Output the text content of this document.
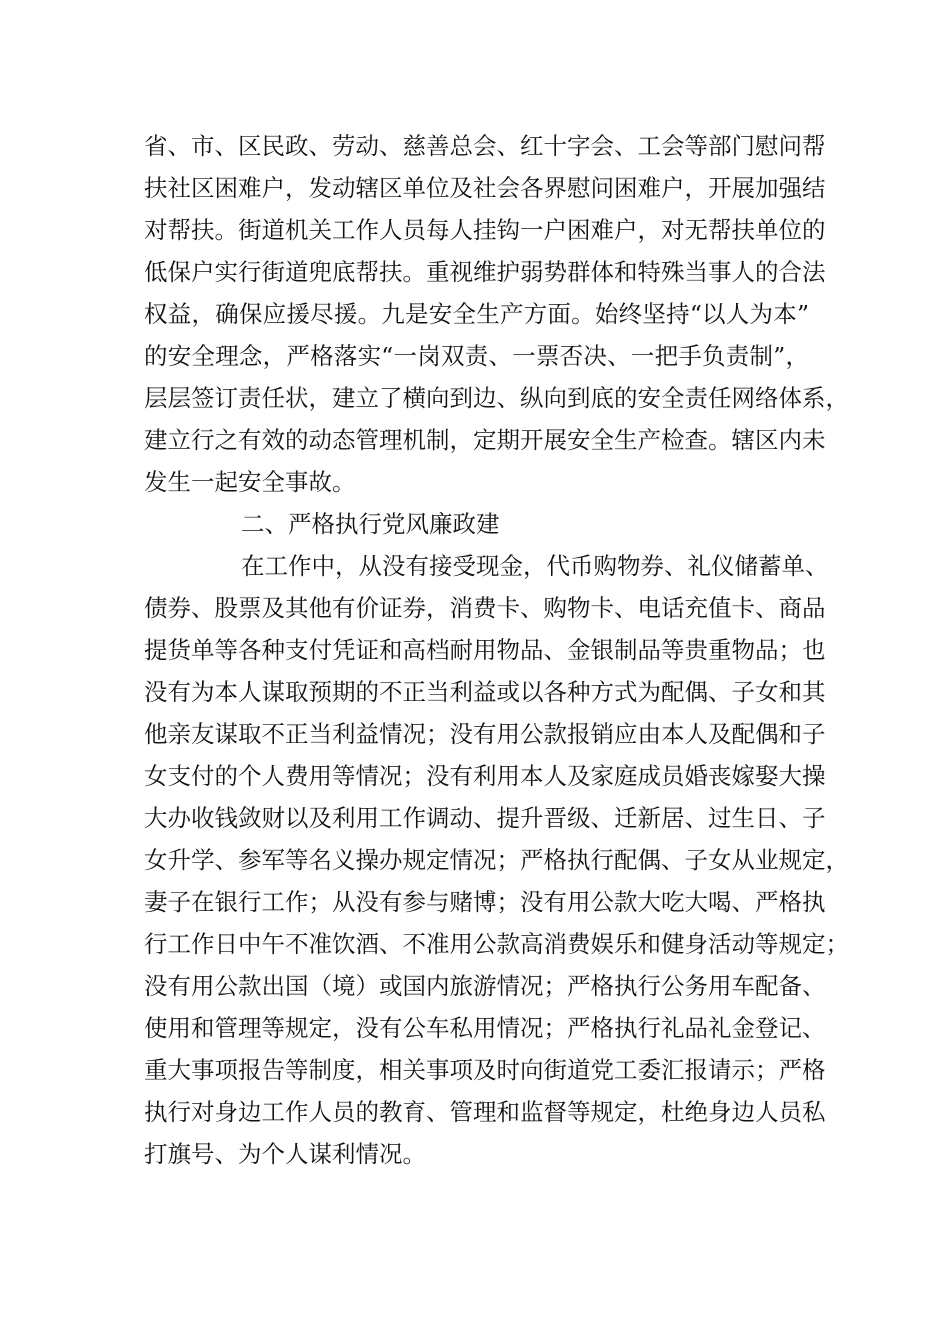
省、市、区民政、劳动、慈善总会、红十字会、工会等部门慰问帮
扶社区困难户，发动辖区单位及社会各界慰问困难户，开展加强结
对帮扶。街道机关工作人员每人挂钩一户困难户，对无帮扶单位的
低保户实行街道兜底帮扶。重视维护弱势群体和特殊当事人的合法
权益，确保应援尽援。九是安全生产方面。始终坚持“以人为本”
的安全理念，严格落实“一岗双责、一票否决、一把手负责制”，
层层签订责任状，建立了横向到边、纵向到底的安全责任网络体系，
建立行之有效的动态管理机制，定期开展安全生产检查。辖区内未
发生一起安全事故。
二、严格执行党风廉政建
在工作中，从没有接受现金，代币购物券、礼仪储蓄单、
债券、股票及其他有价证券，消费卡、购物卡、电话充值卡、商品
提货单等各种支付凭证和高档耐用物品、金银制品等贵重物品；也
没有为本人谋取预期的不正当利益或以各种方式为配偶、子女和其
他亲友谋取不正当利益情况；没有用公款报销应由本人及配偶和子
女支付的个人费用等情况；没有利用本人及家庭成员婚丧嫁娶大操
大办收钱敛财以及利用工作调动、提升晋级、迁新居、过生日、子
女升学、参军等名义操办规定情况；严格执行配偶、子女从业规定，
妻子在银行工作；从没有参与赌博；没有用公款大吃大喝、严格执
行工作日中午不准饮酒、不准用公款高消费娱乐和健身活动等规定；
没有用公款出国（境）或国内旅游情况；严格执行公务用车配备、
使用和管理等规定，没有公车私用情况；严格执行礼品礼金登记、
重大事项报告等制度，相关事项及时向街道党工委汇报请示；严格
执行对身边工作人员的教育、管理和监督等规定，杜绝身边人员私
打旗号、为个人谋利情况。
